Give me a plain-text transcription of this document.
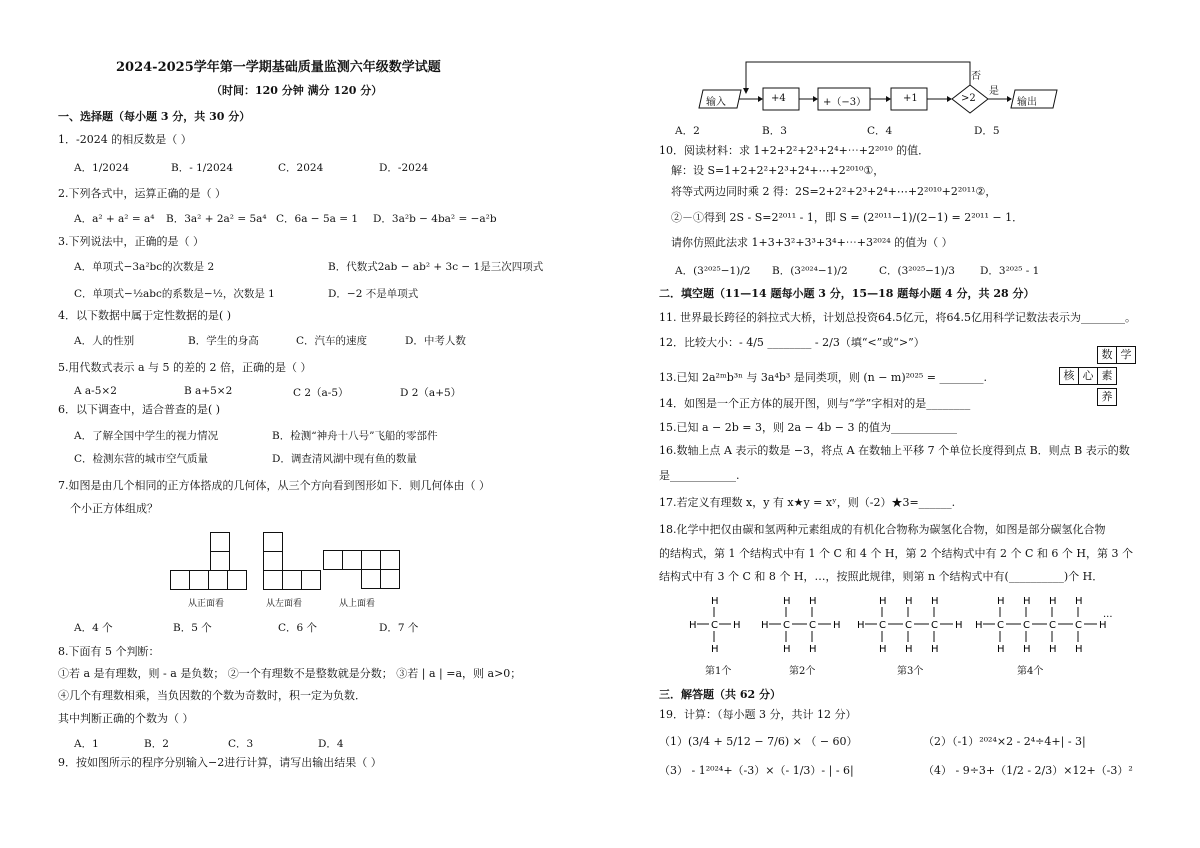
2024-2025学年第一学期基础质量监测六年级数学试题
（时间：120 分钟 满分 120 分）
一、选择题（每小题 3 分，共 30 分）
1．-2024 的相反数是（ ）
A．1/2024	B．- 1/2024	C．2024	D．-2024
2.下列各式中，运算正确的是（ ）
A．a² + a² = a⁴ B．3a² + 2a² = 5a⁴ C．6a − 5a = 1 D．3a²b − 4ba² = −a²b
3.下列说法中，正确的是（ ）
A．单项式−3a²bc的次数是 2	B．代数式2ab − ab² + 3c − 1是三次四项式
C．单项式−½abc的系数是−½，次数是 1	D．−2 不是单项式
4．以下数据中属于定性数据的是( )
A．人的性别	B．学生的身高	C．汽车的速度	D．中考人数
5.用代数式表示 a 与 5 的差的 2 倍，正确的是（ ）
A a-5×2	B a+5×2	C 2（a-5）	D 2（a+5）
6．以下调查中，适合普查的是( )
A．了解全国中学生的视力情况	B．检测“神舟十八号”飞船的零部件
C．检测东营的城市空气质量	D．调查清风湖中现有鱼的数量
7.如图是由几个相同的正方体搭成的几何体，从三个方向看到图形如下．则几何体由（ ）
个小正方体组成？
从正面看	从左面看	从上面看
A．4 个	B．5 个	C．6 个	D．7 个
8.下面有 5 个判断：
①若 a 是有理数，则 - a 是负数； ②一个有理数不是整数就是分数； ③若 | a | =a，则 a>0；
④几个有理数相乘，当负因数的个数为奇数时，积一定为负数．
其中判断正确的个数为（ ）
A．1	B．2	C．3	D．4
9．按如图所示的程序分别输入−2进行计算，请写出输出结果（ ）
输入	+4	+（−3）	+1	>2
是
否
输出
A．2	B．3	C．4	D．5
10．阅读材料：求 1+2+2²+2³+2⁴+⋯+2²⁰¹⁰ 的值．
解：设 S=1+2+2²+2³+2⁴+⋯+2²⁰¹⁰①，
将等式两边同时乘 2 得：2S=2+2²+2³+2⁴+⋯+2²⁰¹⁰+2²⁰¹¹②，
②－①得到 2S - S=2²⁰¹¹ - 1，即 S = (2²⁰¹¹−1)/(2−1) = 2²⁰¹¹ − 1．
请你仿照此法求 1+3+3²+3³+3⁴+⋯+3²⁰²⁴ 的值为（ ）
A．(3²⁰²⁵−1)/2 B．(3²⁰²⁴−1)/2	C．(3²⁰²⁵−1)/3 D．3²⁰²⁵ - 1
二．填空题（11—14 题每小题 3 分，15—18 题每小题 4 分，共 28 分）
11. 世界最长跨径的斜拉式大桥，计划总投资64.5亿元，将64.5亿用科学记数法表示为________。
12．比较大小：- 4/5 ________ - 2/3（填“<”或“>”）
13.已知 2a²ᵐb³ⁿ 与 3a⁴b³ 是同类项，则 (n − m)²⁰²⁵ = ________.
14．如图是一个正方体的展开图，则与“学”字相对的是________
数 学
核 心 素
养
15.已知 a − 2b = 3，则 2a − 4b − 3 的值为____________
16.数轴上点 A 表示的数是 −3，将点 A 在数轴上平移 7 个单位长度得到点 B．则点 B 表示的数
是____________.
17.若定义有理数 x，y 有 x★y = xʸ，则（-2）★3=______.
18.化学中把仅由碳和氢两种元素组成的有机化合物称为碳氢化合物，如图是部分碳氢化合物
的结构式，第 1 个结构式中有 1 个 C 和 4 个 H，第 2 个结构式中有 2 个 C 和 6 个 H，第 3 个
结构式中有 3 个 C 和 8 个 H，…，按照此规律，则第 n 个结构式中有(__________)个 H．
H
H
H C H
H H
H H
H C C H
H H H
H H H
H C C C H
H H H H
H H H H
H C C C C H
···
第1个	第2个	第3个	第4个
三．解答题（共 62 分）
19．计算：（每小题 3 分，共计 12 分）
（1）(3/4 + 5/12 − 7/6) × （ − 60）	（2）（-1）²⁰²⁴×2 - 2⁴÷4+| - 3|
（3） - 1²⁰²⁴+（-3）×（- 1/3）- | - 6|	（4） - 9÷3+（1/2 - 2/3）×12+（-3）²
